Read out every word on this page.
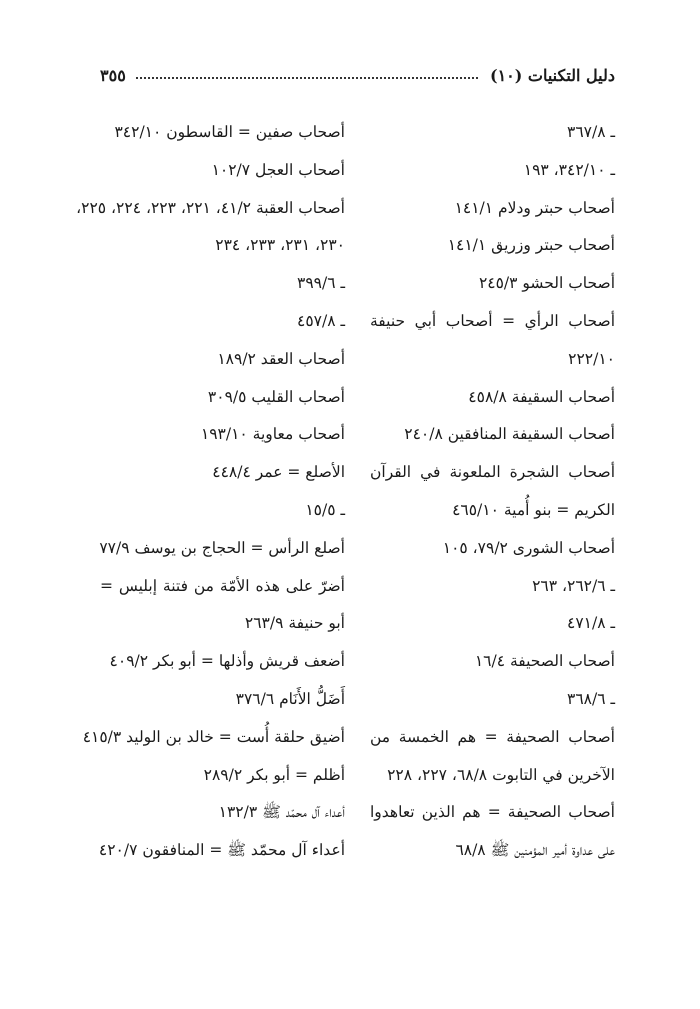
دليل التكنيات (١٠)
٣٥٥
ـ ٣٦٧/٨
ـ ٣٤٢/١٠، ١٩٣
أصحاب حبتر ودلام ١٤١/١
أصحاب حبتر وزريق ١٤١/١
أصحاب الحشو ٢٤٥/٣
أصحاب الرأي = أصحاب أبي حنيفة
٢٢٢/١٠
أصحاب السقيفة ٤٥٨/٨
أصحاب السقيفة المنافقين ٢٤٠/٨
أصحاب الشجرة الملعونة في القرآن
الكريم = بنو أُمية ٤٦٥/١٠
أصحاب الشورى ٧٩/٢، ١٠٥
ـ ٢٦٢/٦، ٢٦٣
ـ ٤٧١/٨
أصحاب الصحيفة ١٦/٤
ـ ٣٦٨/٦
أصحاب الصحيفة = هم الخمسة من
الآخرين في التابوت ٦٨/٨، ٢٢٧، ٢٢٨
أصحاب الصحيفة = هم الذين تعاهدوا
على عداوة أمير المؤمنين ﷺ ٦٨/٨
أصحاب صفين = القاسطون ٣٤٢/١٠
أصحاب العجل ١٠٢/٧
أصحاب العقبة ٤١/٢، ٢٢١، ٢٢٣، ٢٢٤، ٢٢٥،
٢٣٠، ٢٣١، ٢٣٣، ٢٣٤
ـ ٣٩٩/٦
ـ ٤٥٧/٨
أصحاب العقد ١٨٩/٢
أصحاب القليب ٣٠٩/٥
أصحاب معاوية ١٩٣/١٠
الأصلع = عمر ٤٤٨/٤
ـ ١٥/٥
أصلع الرأس = الحجاج بن يوسف ٧٧/٩
أضرّ على هذه الأمّة من فتنة إبليس =
أبو حنيفة ٢٦٣/٩
أضعف قريش وأذلها = أبو بكر ٤٠٩/٢
أَضَلُّ الأَنَام ٣٧٦/٦
أضيق حلقة أُست = خالد بن الوليد ٤١٥/٣
أظلم = أبو بكر ٢٨٩/٢
أعداء آل محمّد ﷺ ١٣٢/٣
أعداء آل محمّد ﷺ = المنافقون ٤٢٠/٧
